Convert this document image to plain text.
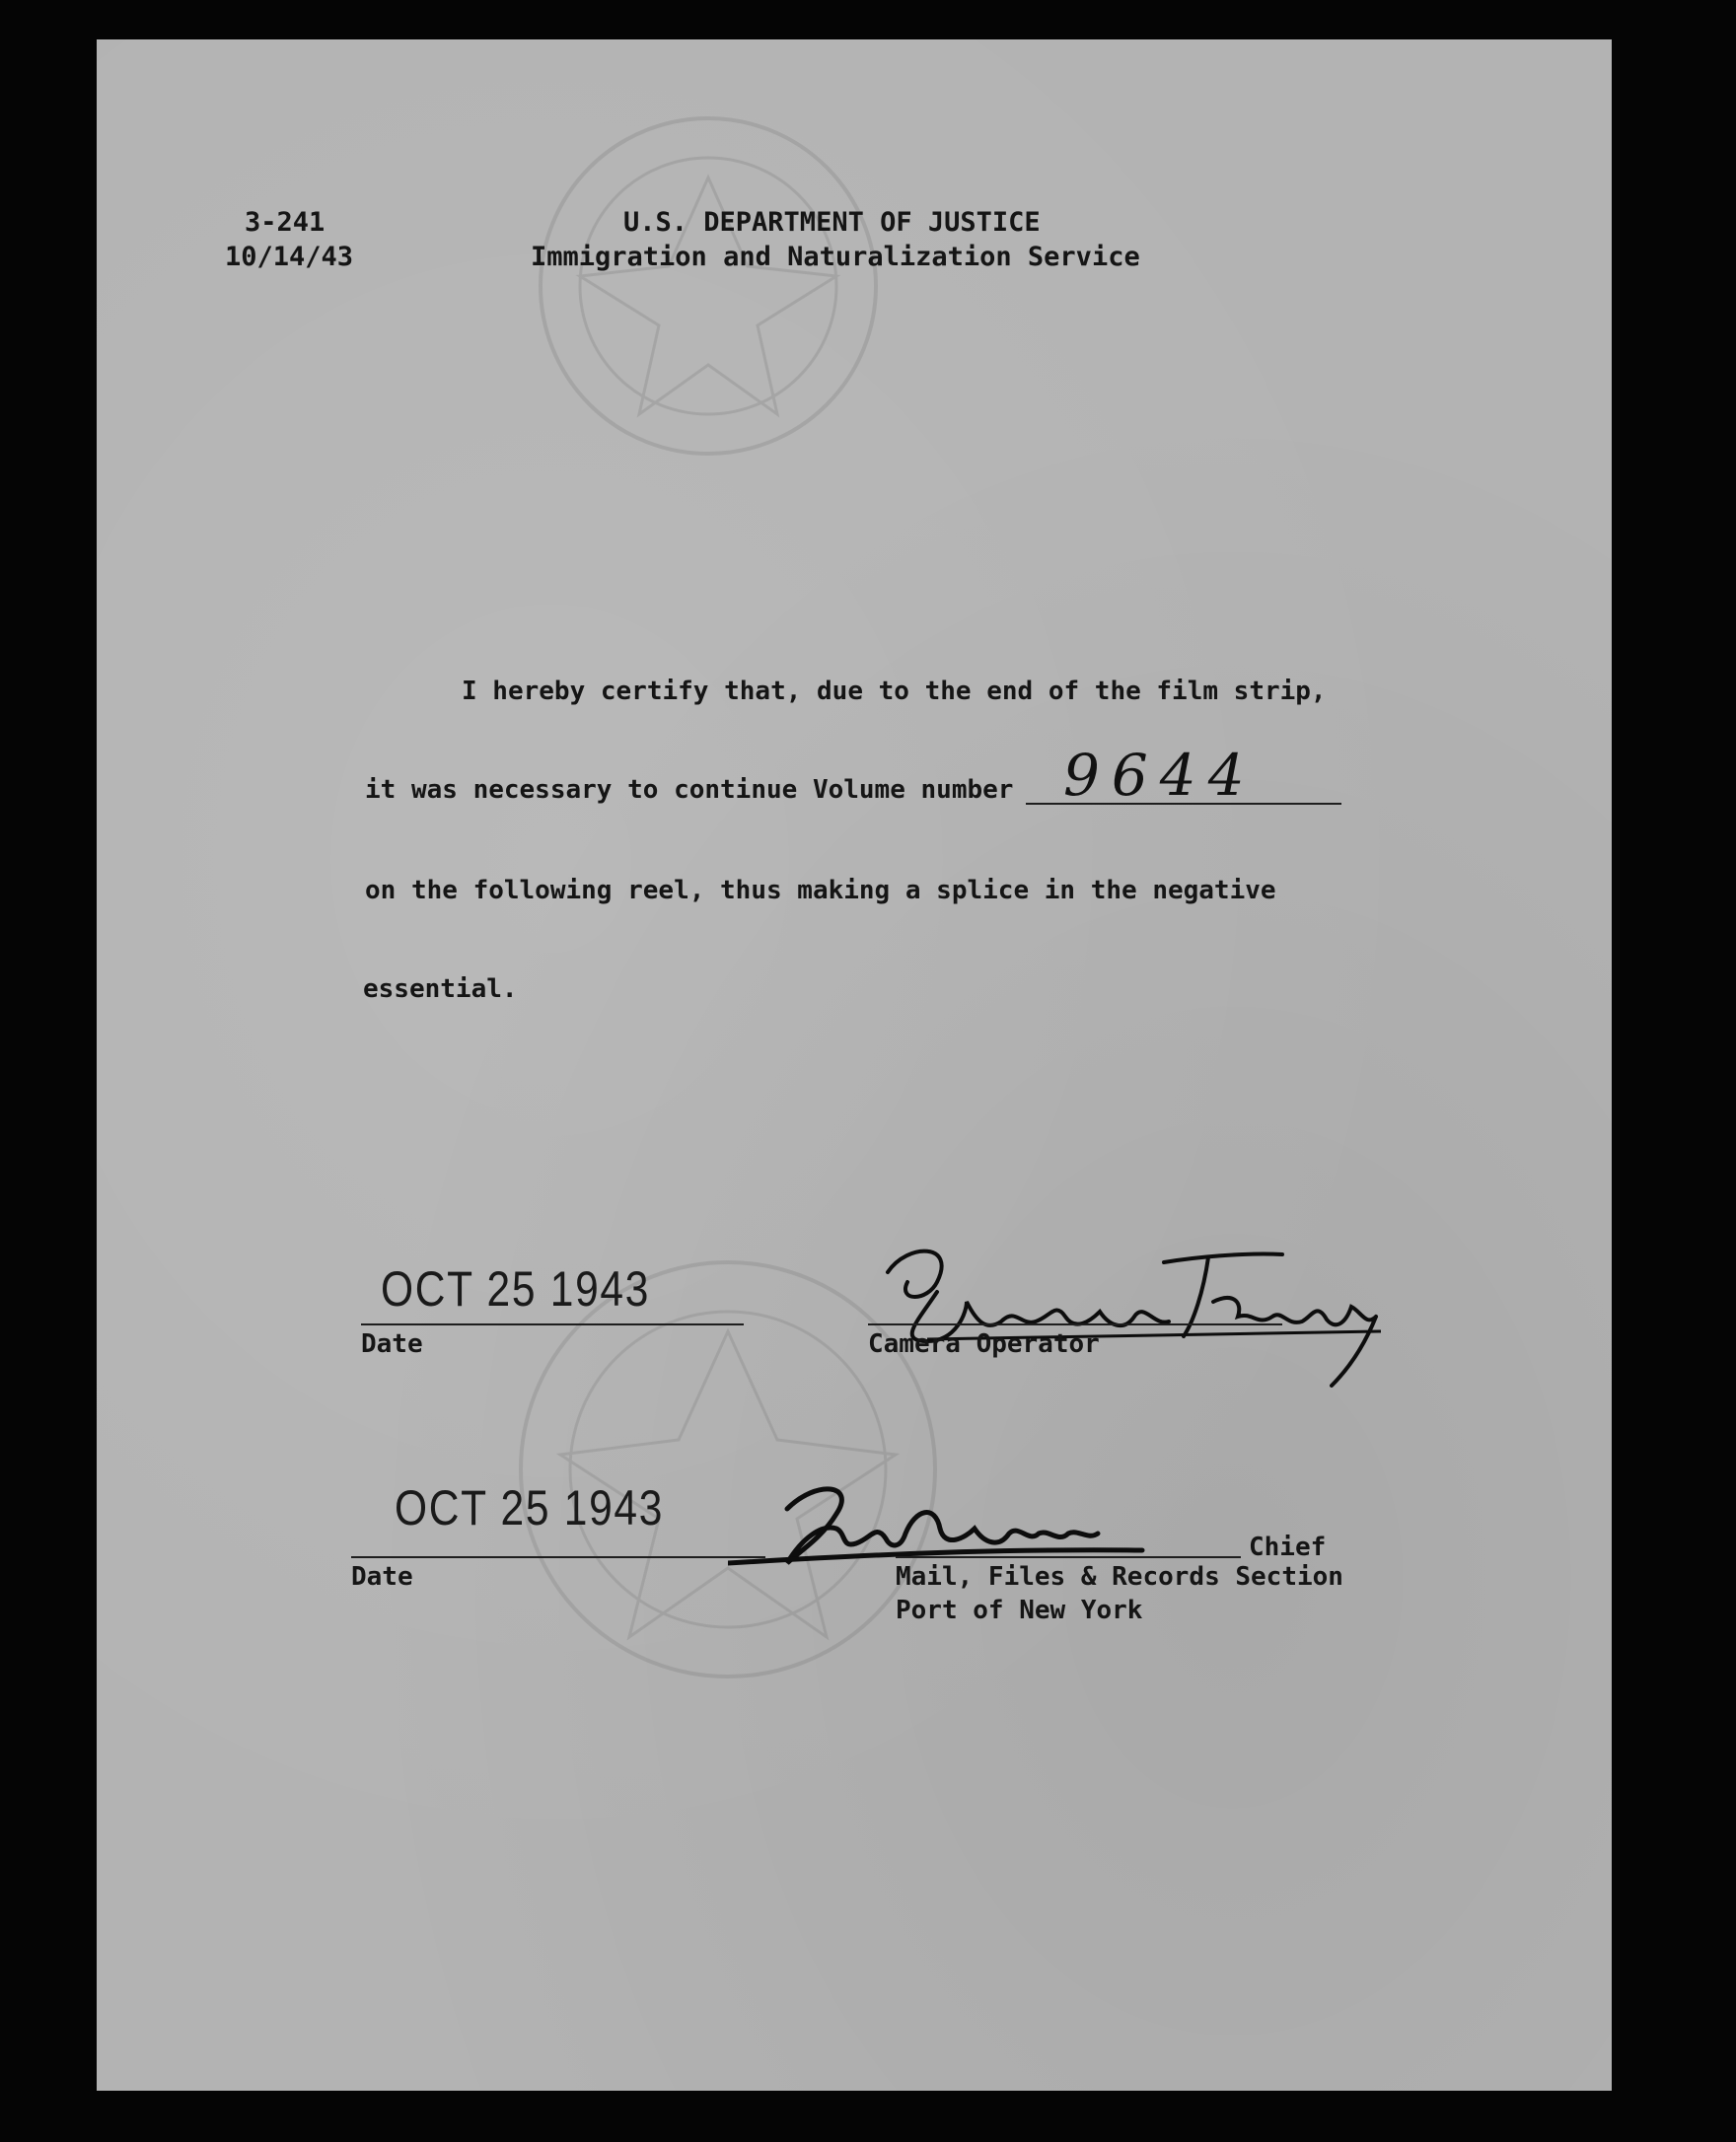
3-241
10/14/43
U.S. DEPARTMENT OF JUSTICE
Immigration and Naturalization Service
I hereby certify that, due to the end of the film strip,
it was necessary to continue Volume number 9644
on the following reel, thus making a splice in the negative
essential.
OCT 25 1943
Date	Camera Operator
OCT 25 1943
Date
Chief
Mail, Files & Records Section
Port of New York
